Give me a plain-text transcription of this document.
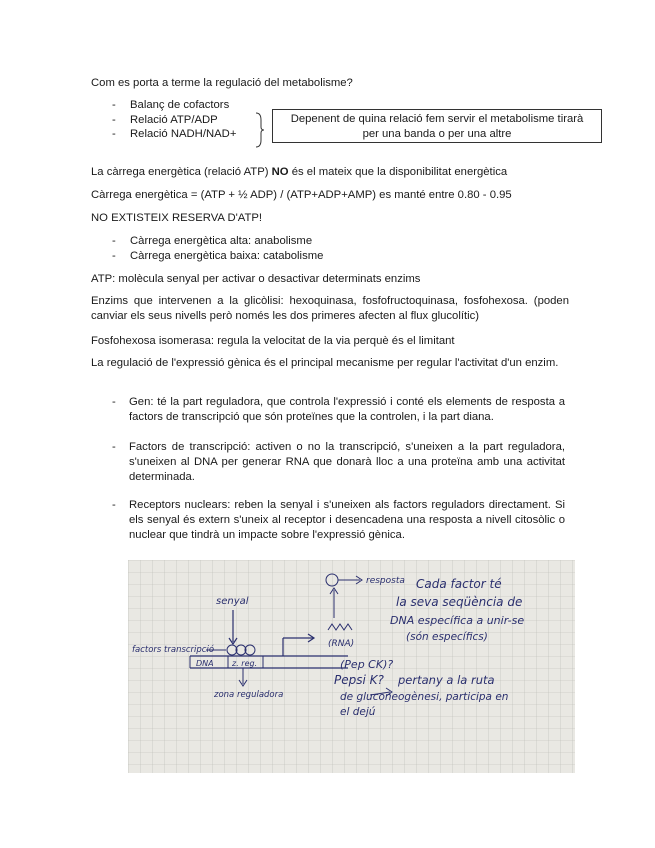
Com es porta a terme la regulació del metabolisme?
- Balanç de cofactors
- Relació ATP/ADP
- Relació NADH/NAD+
Depenent de quina relació fem servir el metabolisme tirarà
per una banda o per una altre
La càrrega energètica (relació ATP) NO és el mateix que la disponibilitat energètica
Càrrega energètica = (ATP + ½ ADP) / (ATP+ADP+AMP) es manté entre 0.80 - 0.95
NO EXTISTEIX RESERVA D'ATP!
- Càrrega energètica alta: anabolisme
- Càrrega energètica baixa: catabolisme
ATP: molècula senyal per activar o desactivar determinats enzims
Enzims que intervenen a la glicòlisi: hexoquinasa, fosfofructoquinasa, fosfohexosa. (poden canviar els seus nivells però només les dos primeres afecten al flux glucolític)
Fosfohexosa isomerasa: regula la velocitat de la via perquè és el limitant
La regulació de l'expressió gènica és el principal mecanisme per regular l'activitat d'un enzim.
- Gen: té la part reguladora, que controla l'expressió i conté els elements de resposta a factors de transcripció que són proteïnes que la controlen, i la part diana.
- Factors de transcripció: activen o no la transcripció, s'uneixen a la part reguladora, s'uneixen al DNA per generar RNA que donarà lloc a una proteïna amb una activitat determinada.
- Receptors nuclears: reben la senyal i s'uneixen als factors reguladors directament. Si els senyal és extern s'uneix al receptor i desencadena una resposta a nivell citosòlic o nuclear que tindrà un impacte sobre l'expressió gènica.
senyal
resposta
factors transcripció
DNA z. reg.
zona reguladora
(RNA)
Cada factor té
la seva seqüència de
DNA específica a unir-se
(són específics)
(Pep CK)?
Pepsi K? pertany a la ruta
de gluconeogènesi, participa en
el dejú
